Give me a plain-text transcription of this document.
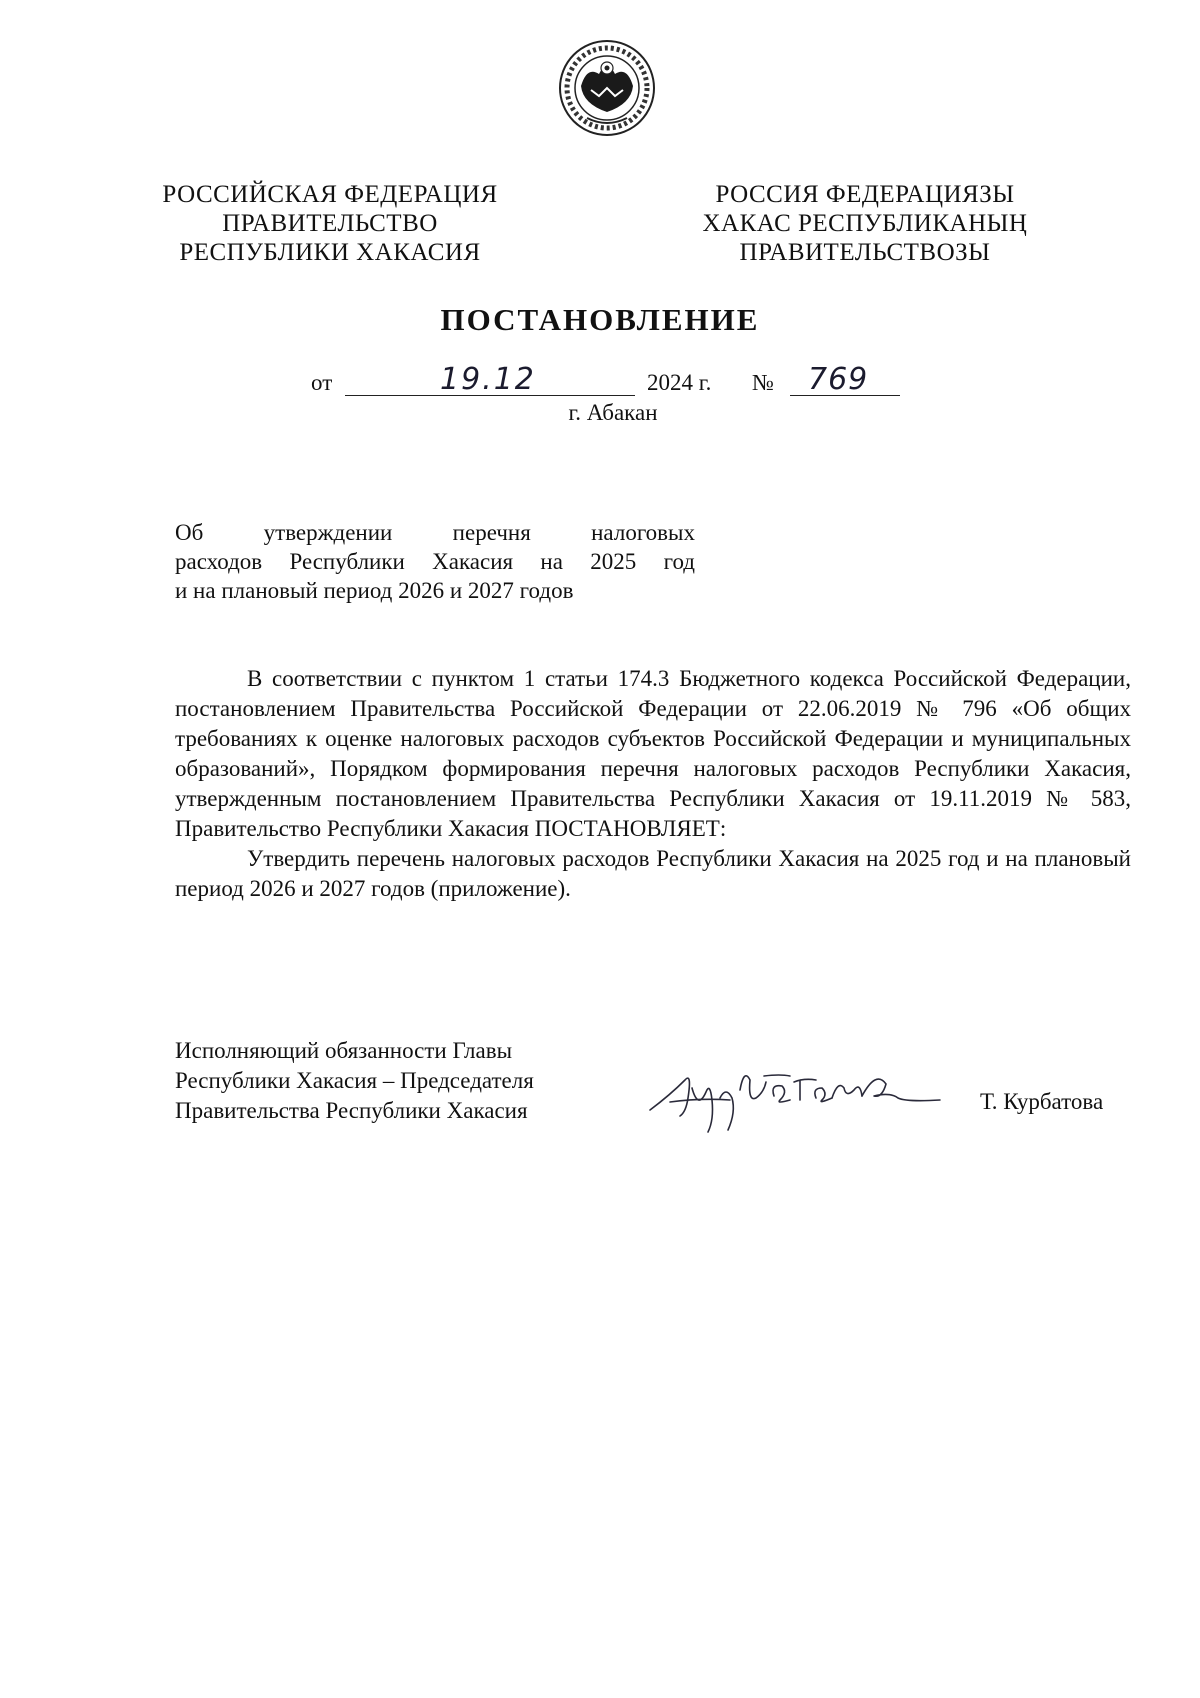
РОССИЙСКАЯ ФЕДЕРАЦИЯ
ПРАВИТЕЛЬСТВО
РЕСПУБЛИКИ ХАКАСИЯ
РОССИЯ ФЕДЕРАЦИЯЗЫ
ХАКАС РЕСПУБЛИКАНЫҢ
ПРАВИТЕЛЬСТВОЗЫ
ПОСТАНОВЛЕНИЕ
от	19.12	2024 г. № 769
г. Абакан
Об утверждении перечня налоговых
расходов Республики Хакасия на 2025 год
и на плановый период 2026 и 2027 годов

В соответствии с пунктом 1 статьи 174.3 Бюджетного кодекса Российской Федерации, постановлением Правительства Российской Федерации от 22.06.2019 № 796 «Об общих требованиях к оценке налоговых расходов субъектов Российской Федерации и муниципальных образований», Порядком формирования перечня налоговых расходов Республики Хакасия, утвержденным постановлением Правительства Республики Хакасия от 19.11.2019 № 583, Правительство Республики Хакасия ПОСТАНОВЛЯЕТ:

Утвердить перечень налоговых расходов Республики Хакасия на 2025 год и на плановый период 2026 и 2027 годов (приложение).

Исполняющий обязанности Главы
Республики Хакасия – Председателя
Правительства Республики Хакасия	Т. Курбатова
